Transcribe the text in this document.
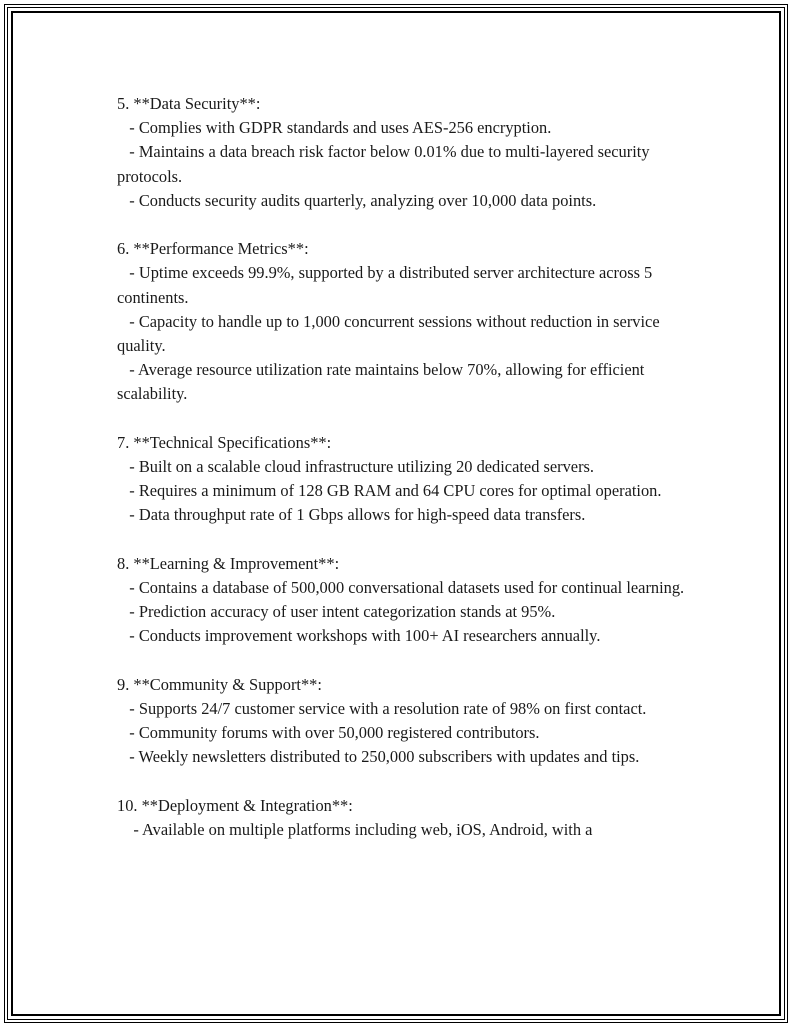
5. **Data Security**:
- Complies with GDPR standards and uses AES-256 encryption.
- Maintains a data breach risk factor below 0.01% due to multi-layered security protocols.
- Conducts security audits quarterly, analyzing over 10,000 data points.
6. **Performance Metrics**:
- Uptime exceeds 99.9%, supported by a distributed server architecture across 5 continents.
- Capacity to handle up to 1,000 concurrent sessions without reduction in service quality.
- Average resource utilization rate maintains below 70%, allowing for efficient scalability.
7. **Technical Specifications**:
- Built on a scalable cloud infrastructure utilizing 20 dedicated servers.
- Requires a minimum of 128 GB RAM and 64 CPU cores for optimal operation.
- Data throughput rate of 1 Gbps allows for high-speed data transfers.
8. **Learning & Improvement**:
- Contains a database of 500,000 conversational datasets used for continual learning.
- Prediction accuracy of user intent categorization stands at 95%.
- Conducts improvement workshops with 100+ AI researchers annually.
9. **Community & Support**:
- Supports 24/7 customer service with a resolution rate of 98% on first contact.
- Community forums with over 50,000 registered contributors.
- Weekly newsletters distributed to 250,000 subscribers with updates and tips.
10. **Deployment & Integration**:
- Available on multiple platforms including web, iOS, Android, with a
